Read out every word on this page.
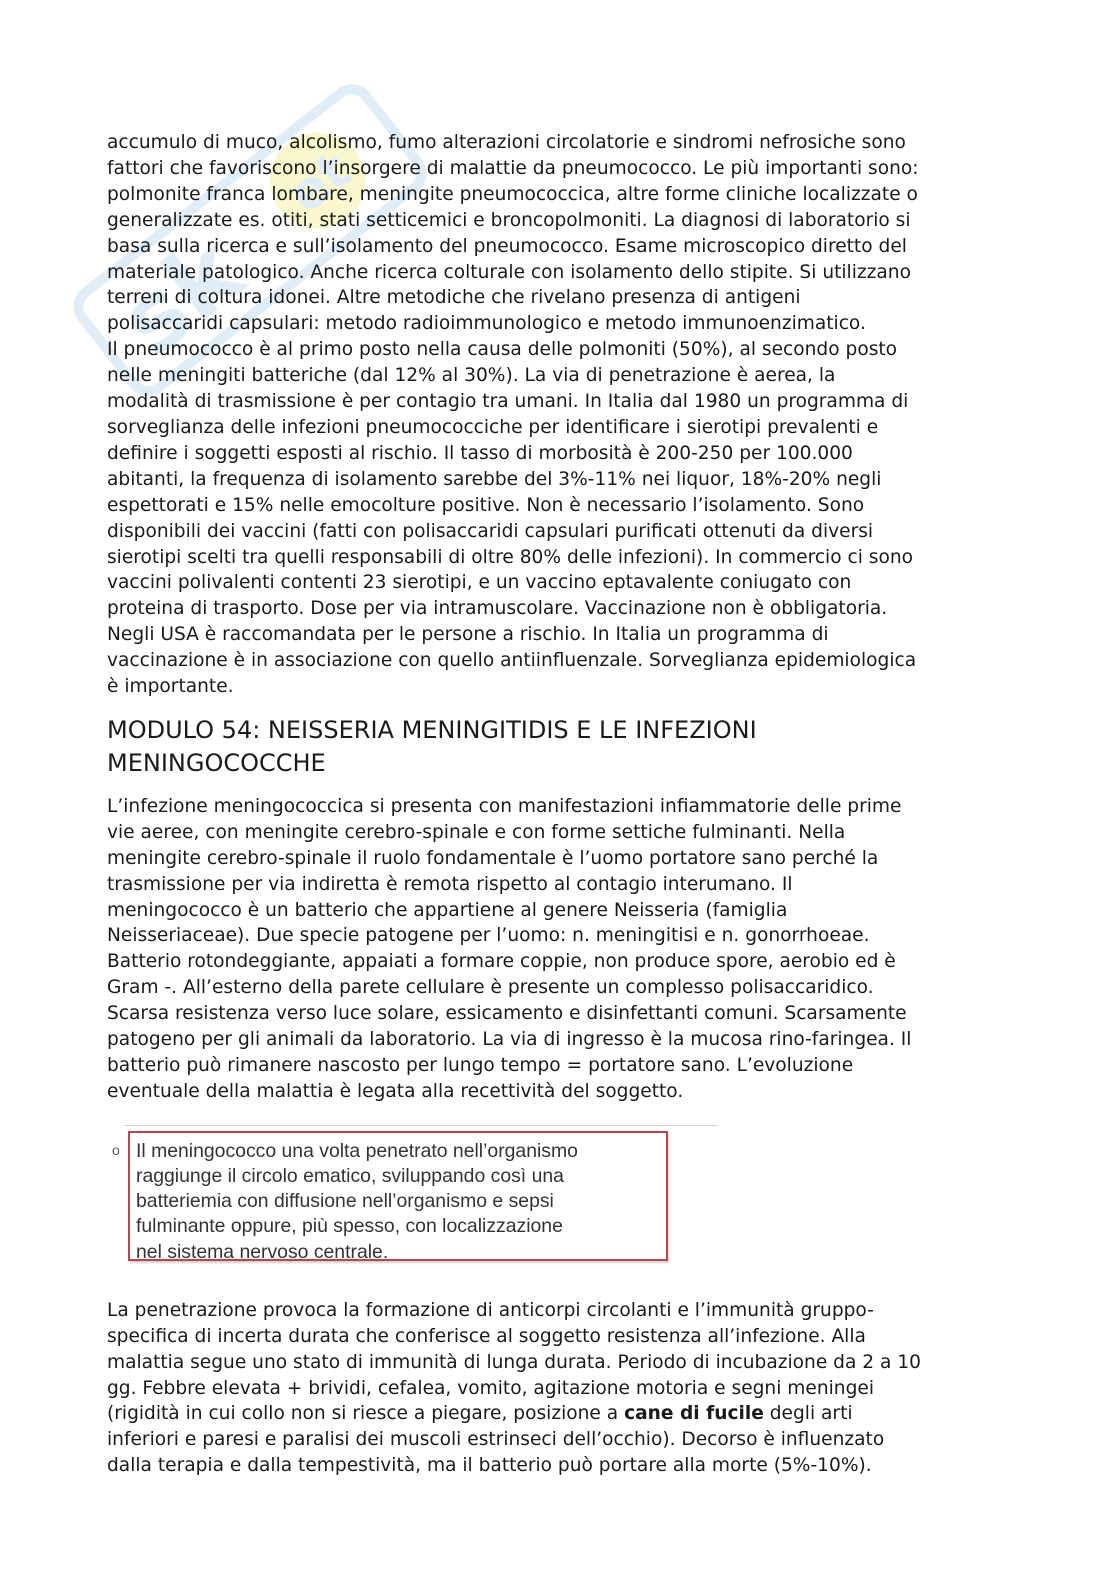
sk
et

accumulo di muco, alcolismo, fumo alterazioni circolatorie e sindromi nefrosiche sono
fattori che favoriscono l’insorgere di malattie da pneumococco. Le più importanti sono:
polmonite franca lombare, meningite pneumococcica, altre forme cliniche localizzate o
generalizzate es. otiti, stati setticemici e broncopolmoniti. La diagnosi di laboratorio si
basa sulla ricerca e sull’isolamento del pneumococco. Esame microscopico diretto del
materiale patologico. Anche ricerca colturale con isolamento dello stipite. Si utilizzano
terreni di coltura idonei. Altre metodiche che rivelano presenza di antigeni
polisaccaridi capsulari: metodo radioimmunologico e metodo immunoenzimatico.

Il pneumococco è al primo posto nella causa delle polmoniti (50%), al secondo posto
nelle meningiti batteriche (dal 12% al 30%). La via di penetrazione è aerea, la
modalità di trasmissione è per contagio tra umani. In Italia dal 1980 un programma di
sorveglianza delle infezioni pneumococciche per identificare i sierotipi prevalenti e
definire i soggetti esposti al rischio. Il tasso di morbosità è 200-250 per 100.000
abitanti, la frequenza di isolamento sarebbe del 3%-11% nei liquor, 18%-20% negli
espettorati e 15% nelle emocolture positive. Non è necessario l’isolamento. Sono
disponibili dei vaccini (fatti con polisaccaridi capsulari purificati ottenuti da diversi
sierotipi scelti tra quelli responsabili di oltre 80% delle infezioni). In commercio ci sono
vaccini polivalenti contenti 23 sierotipi, e un vaccino eptavalente coniugato con
proteina di trasporto. Dose per via intramuscolare. Vaccinazione non è obbligatoria.
Negli USA è raccomandata per le persone a rischio. In Italia un programma di
vaccinazione è in associazione con quello antiinfluenzale. Sorveglianza epidemiologica
è importante.

MODULO 54: NEISSERIA MENINGITIDIS E LE INFEZIONI
MENINGOCOCCHE

L’infezione meningococcica si presenta con manifestazioni infiammatorie delle prime
vie aeree, con meningite cerebro-spinale e con forme settiche fulminanti. Nella
meningite cerebro-spinale il ruolo fondamentale è l’uomo portatore sano perché la
trasmissione per via indiretta è remota rispetto al contagio interumano. Il
meningococco è un batterio che appartiene al genere Neisseria (famiglia
Neisseriaceae). Due specie patogene per l’uomo: n. meningitisi e n. gonorrhoeae.
Batterio rotondeggiante, appaiati a formare coppie, non produce spore, aerobio ed è
Gram -. All’esterno della parete cellulare è presente un complesso polisaccaridico.
Scarsa resistenza verso luce solare, essicamento e disinfettanti comuni. Scarsamente
patogeno per gli animali da laboratorio. La via di ingresso è la mucosa rino-faringea. Il
batterio può rimanere nascosto per lungo tempo = portatore sano. L’evoluzione
eventuale della malattia è legata alla recettività del soggetto.

o Il meningococco una volta penetrato nell’organismo
raggiunge il circolo ematico, sviluppando così una
batteriemia con diffusione nell’organismo e sepsi
fulminante oppure, più spesso, con localizzazione
nel sistema nervoso centrale.

La penetrazione provoca la formazione di anticorpi circolanti e l’immunità gruppo-
specifica di incerta durata che conferisce al soggetto resistenza all’infezione. Alla
malattia segue uno stato di immunità di lunga durata. Periodo di incubazione da 2 a 10
gg. Febbre elevata + brividi, cefalea, vomito, agitazione motoria e segni meningei
(rigidità in cui collo non si riesce a piegare, posizione a cane di fucile degli arti
inferiori e paresi e paralisi dei muscoli estrinseci dell’occhio). Decorso è influenzato
dalla terapia e dalla tempestività, ma il batterio può portare alla morte (5%-10%).
